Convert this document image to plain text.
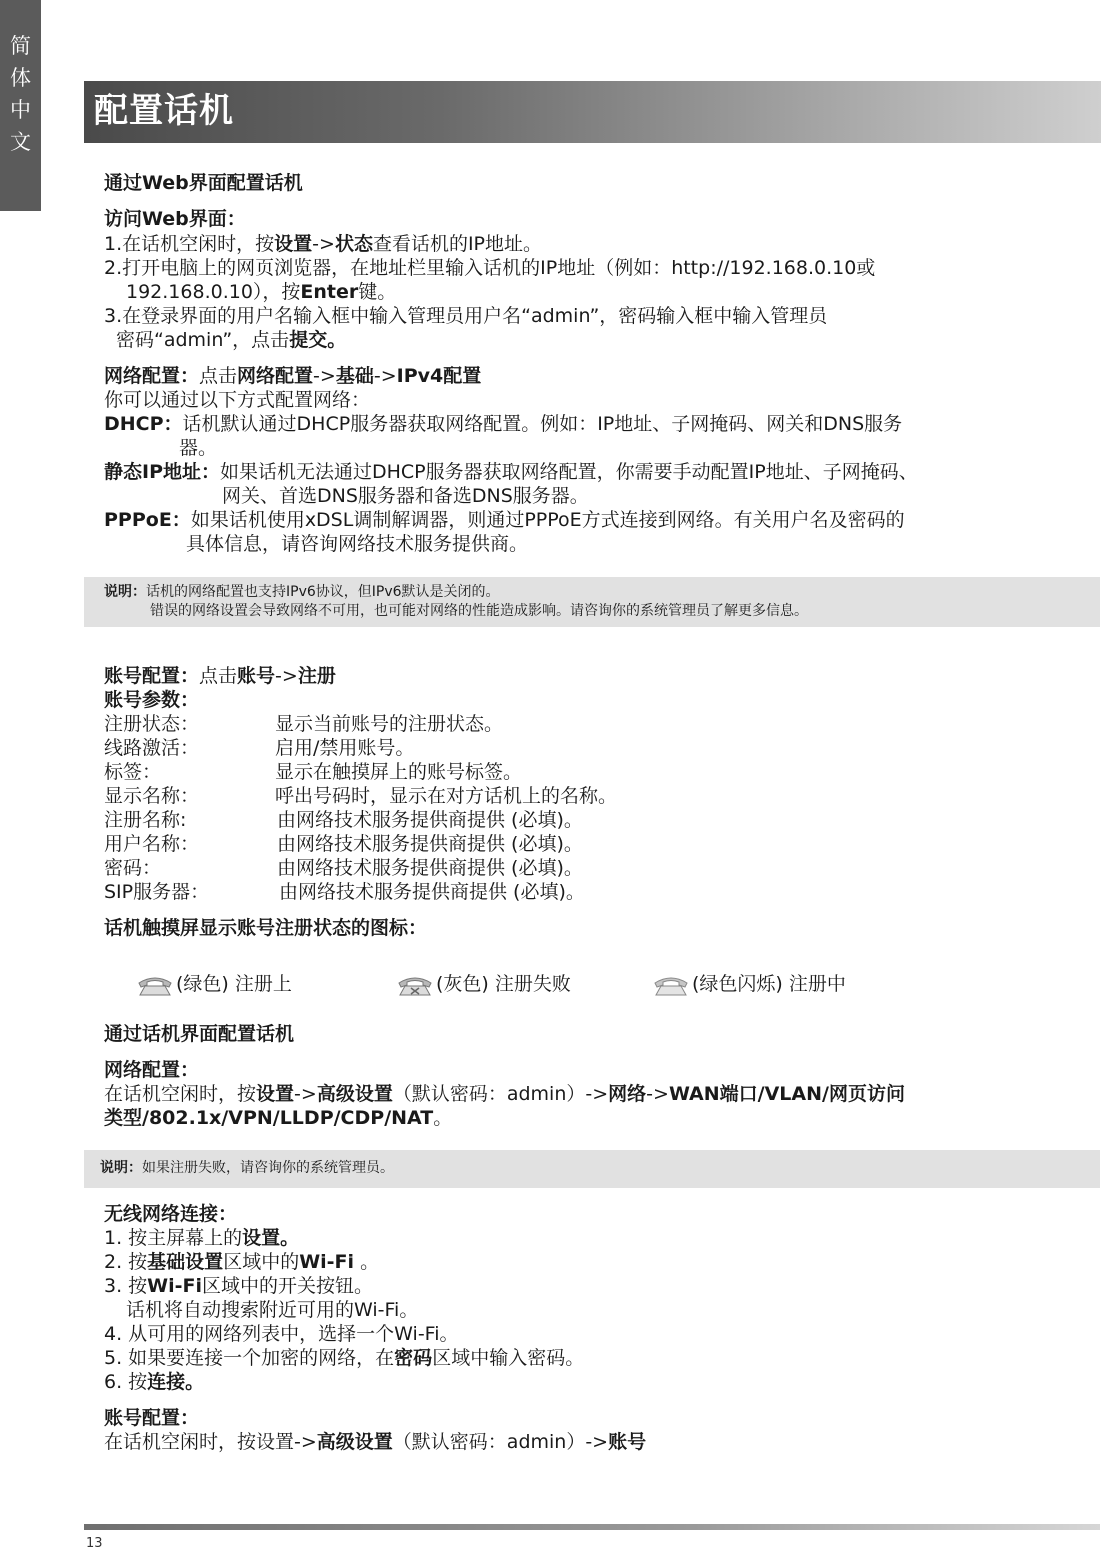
简
体
中
文
配置话机
通过Web界面配置话机
访问Web界面：
1.在话机空闲时，按设置->状态查看话机的IP地址。
2.打开电脑上的网页浏览器，在地址栏里输入话机的IP地址（例如：http://192.168.0.10或
192.168.0.10），按Enter键。
3.在登录界面的用户名输入框中输入管理员用户名“admin”，密码输入框中输入管理员
密码“admin”，点击提交。
网络配置：点击网络配置->基础->IPv4配置
你可以通过以下方式配置网络：
DHCP：话机默认通过DHCP服务器获取网络配置。例如：IP地址、子网掩码、网关和DNS服务
器。
静态IP地址：如果话机无法通过DHCP服务器获取网络配置，你需要手动配置IP地址、子网掩码、
网关、首选DNS服务器和备选DNS服务器。
PPPoE：如果话机使用xDSL调制解调器，则通过PPPoE方式连接到网络。有关用户名及密码的
具体信息，请咨询网络技术服务提供商。
说明：话机的网络配置也支持IPv6协议，但IPv6默认是关闭的。
错误的网络设置会导致网络不可用，也可能对网络的性能造成影响。请咨询你的系统管理员了解更多信息。
账号配置：点击账号->注册
账号参数：
注册状态：	显示当前账号的注册状态。
线路激活：	启用/禁用账号。
标签：	显示在触摸屏上的账号标签。
显示名称：	呼出号码时，显示在对方话机上的名称。
注册名称:	由网络技术服务提供商提供 (必填)。
用户名称：	由网络技术服务提供商提供 (必填)。
密码：	由网络技术服务提供商提供 (必填)。
SIP服务器：	由网络技术服务提供商提供 (必填)。
话机触摸屏显示账号注册状态的图标：
(绿色) 注册上	(灰色) 注册失败	(绿色闪烁) 注册中
通过话机界面配置话机
网络配置：
在话机空闲时，按设置->高级设置（默认密码：admin）->网络->WAN端口/VLAN/网页访问
类型/802.1x/VPN/LLDP/CDP/NAT。
说明：如果注册失败，请咨询你的系统管理员。
无线网络连接：
1. 按主屏幕上的设置。
2. 按基础设置区域中的Wi-Fi 。
3. 按Wi-Fi区域中的开关按钮。
话机将自动搜索附近可用的Wi-Fi。
4. 从可用的网络列表中，选择一个Wi-Fi。
5. 如果要连接一个加密的网络，在密码区域中输入密码。
6. 按连接。
账号配置：
在话机空闲时，按设置->高级设置（默认密码：admin）->账号
13
